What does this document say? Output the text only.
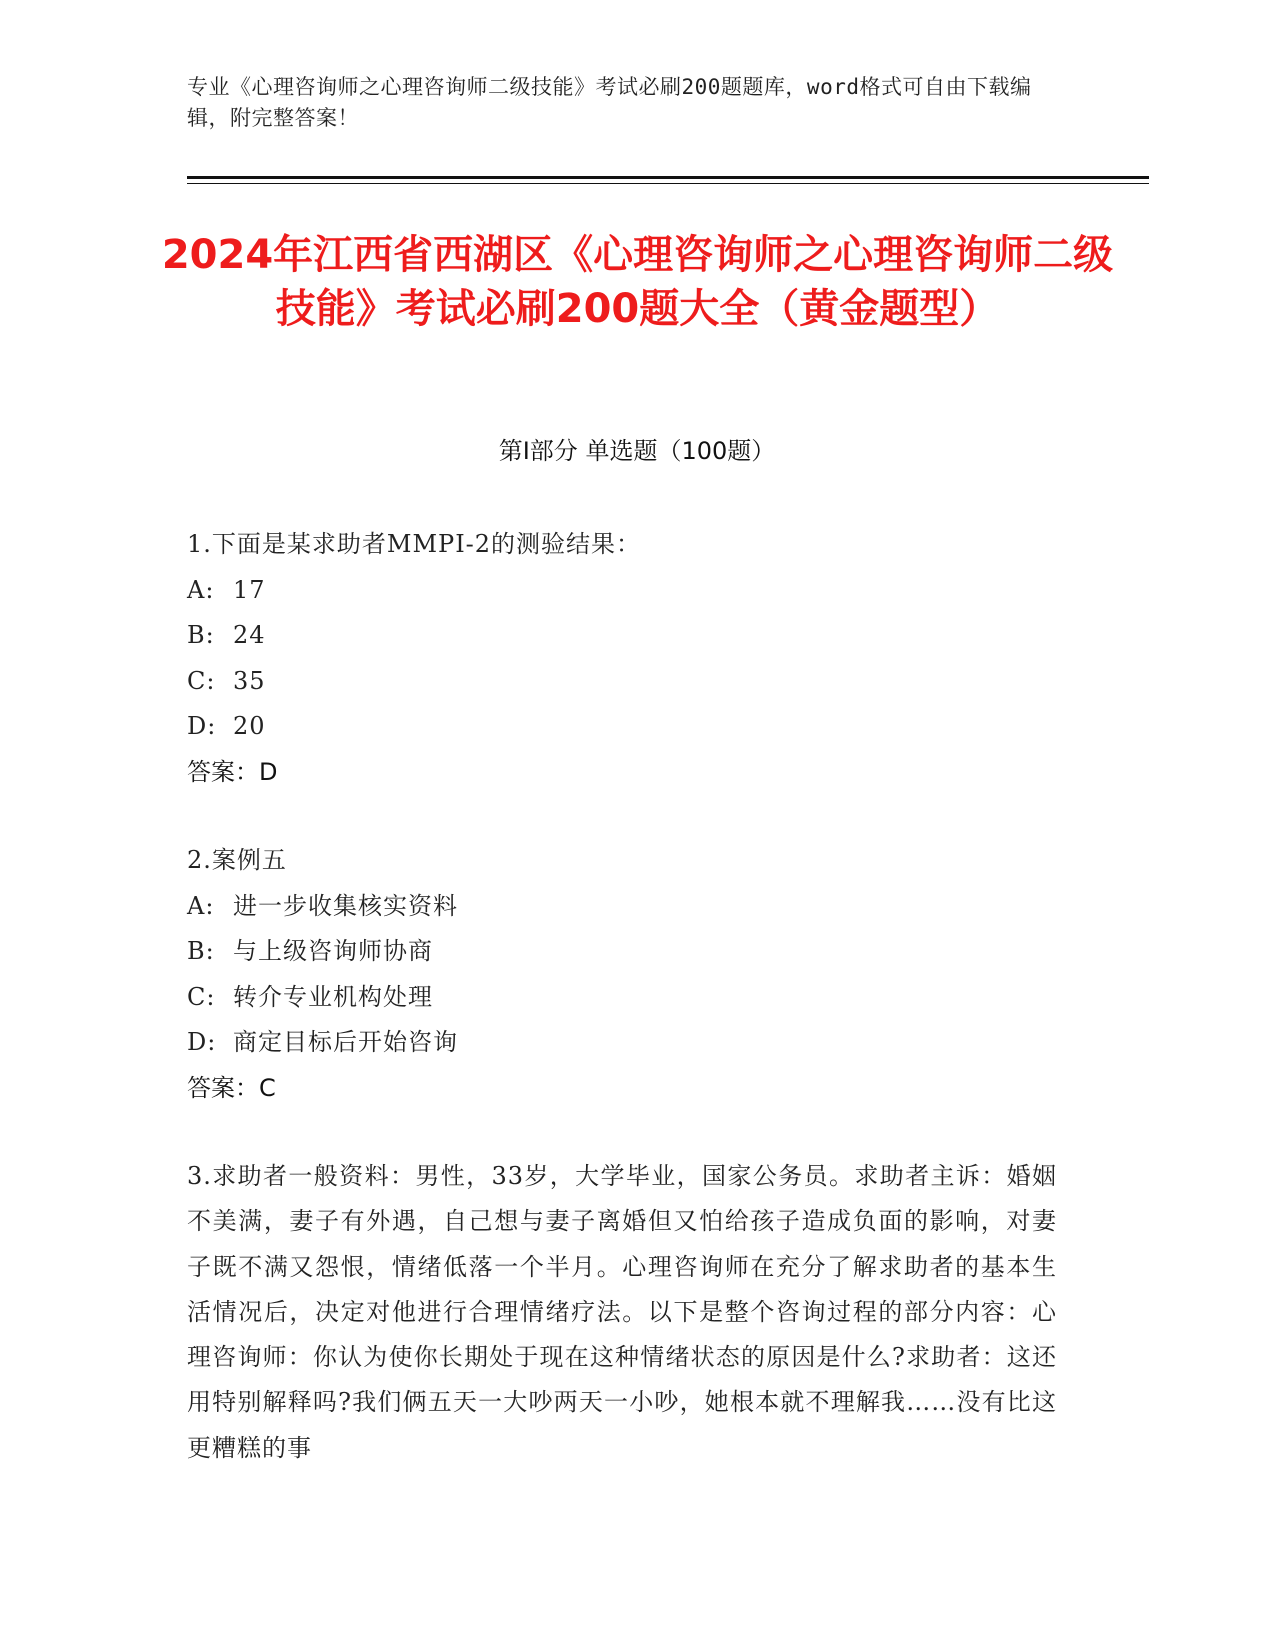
专业《心理咨询师之心理咨询师二级技能》考试必刷200题题库，word格式可自由下载编辑，附完整答案！
2024年江西省西湖区《心理咨询师之心理咨询师二级技能》考试必刷200题大全（黄金题型）
第I部分 单选题（100题）
1.下面是某求助者MMPI-2的测验结果：
A: 17
B: 24
C: 35
D: 20
答案：D
2.案例五
A: 进一步收集核实资料
B: 与上级咨询师协商
C: 转介专业机构处理
D: 商定目标后开始咨询
答案：C
3.求助者一般资料：男性，33岁，大学毕业，国家公务员。求助者主诉：婚姻不美满，妻子有外遇，自己想与妻子离婚但又怕给孩子造成负面的影响，对妻子既不满又怨恨，情绪低落一个半月。心理咨询师在充分了解求助者的基本生活情况后，决定对他进行合理情绪疗法。以下是整个咨询过程的部分内容：心理咨询师：你认为使你长期处于现在这种情绪状态的原因是什么?求助者：这还用特别解释吗?我们俩五天一大吵两天一小吵，她根本就不理解我……没有比这更糟糕的事
